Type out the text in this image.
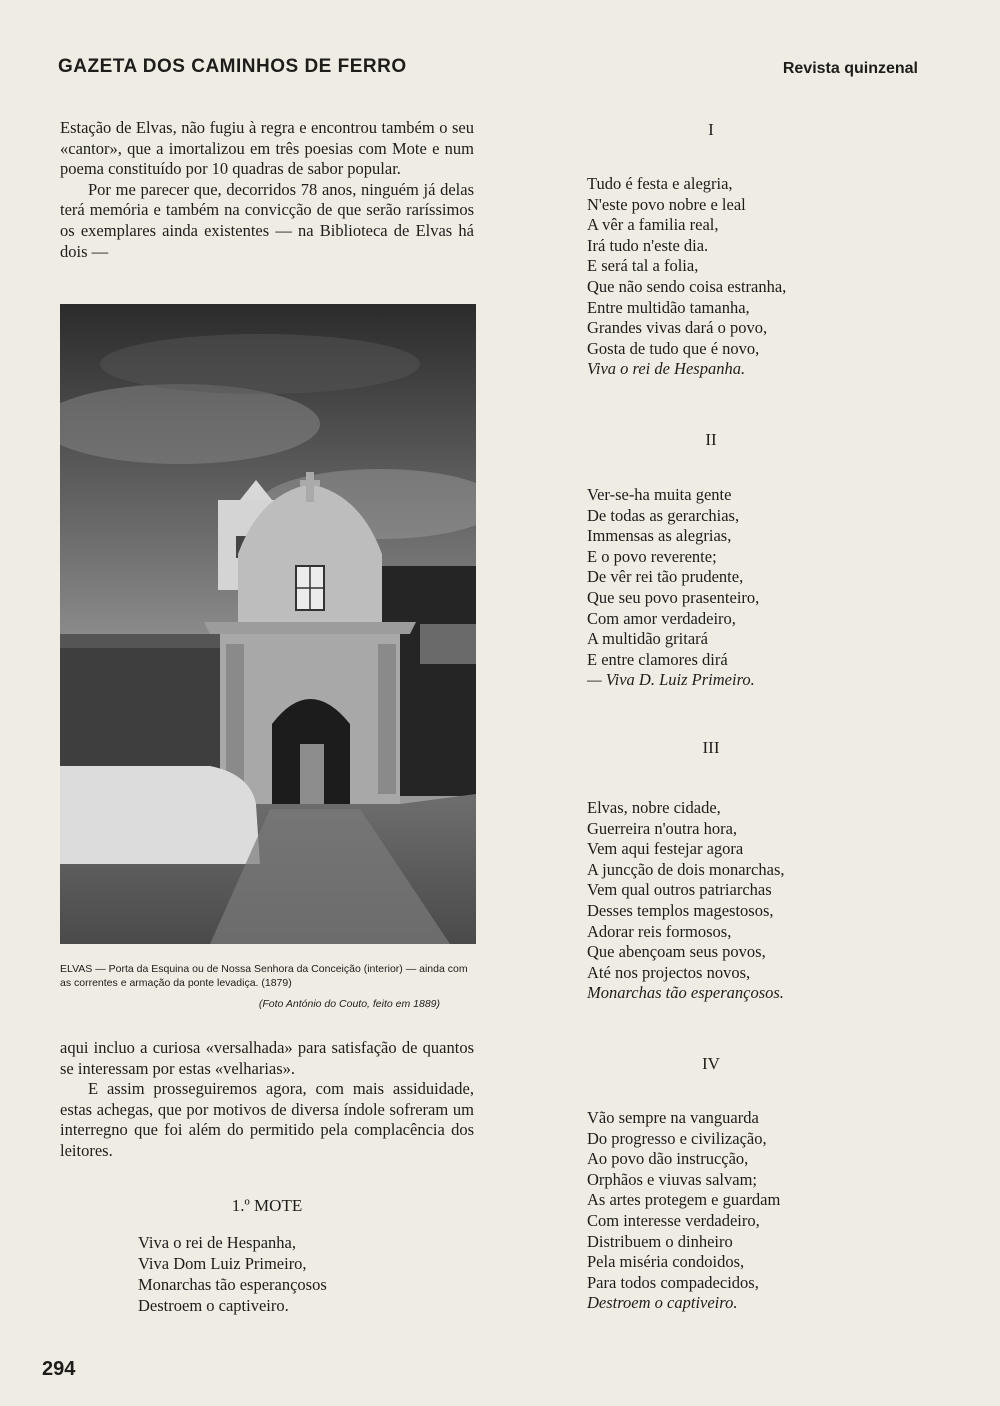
GAZETA DOS CAMINHOS DE FERRO	Revista quinzenal

Estação de Elvas, não fugiu à regra e encontrou também o seu «cantor», que a imortalizou em três poesias com Mote e num poema constituído por 10 quadras de sabor popular.

Por me parecer que, decorridos 78 anos, ninguém já delas terá memória e também na convicção de que serão raríssimos os exemplares ainda existentes — na Biblioteca de Elvas há dois —

ELVAS — Porta da Esquina ou de Nossa Senhora da Conceição (interior) — ainda com as correntes e armação da ponte levadiça. (1879)

(Foto António do Couto, feito em 1889)

aqui incluo a curiosa «versalhada» para satisfação de quantos se interessam por estas «velharias».

E assim prosseguiremos agora, com mais assiduidade, estas achegas, que por motivos de diversa índole sofreram um interregno que foi além do permitido pela complacência dos leitores.

1.º MOTE
Viva o rei de Hespanha,
Viva Dom Luiz Primeiro,
Monarchas tão esperançosos
Destroem o captiveiro.
I
Tudo é festa e alegria,
N'este povo nobre e leal
A vêr a familia real,
Irá tudo n'este dia.
E será tal a folia,
Que não sendo coisa estranha,
Entre multidão tamanha,
Grandes vivas dará o povo,
Gosta de tudo que é novo,
Viva o rei de Hespanha.
II
Ver-se-ha muita gente
De todas as gerarchias,
Immensas as alegrias,
E o povo reverente;
De vêr rei tão prudente,
Que seu povo prasenteiro,
Com amor verdadeiro,
A multidão gritará
E entre clamores dirá
— Viva D. Luiz Primeiro.
III
Elvas, nobre cidade,
Guerreira n'outra hora,
Vem aqui festejar agora
A juncção de dois monarchas,
Vem qual outros patriarchas
Desses templos magestosos,
Adorar reis formosos,
Que abençoam seus povos,
Até nos projectos novos,
Monarchas tão esperançosos.
IV
Vão sempre na vanguarda
Do progresso e civilização,
Ao povo dão instrucção,
Orphãos e viuvas salvam;
As artes protegem e guardam
Com interesse verdadeiro,
Distribuem o dinheiro
Pela miséria condoidos,
Para todos compadecidos,
Destroem o captiveiro.
294
